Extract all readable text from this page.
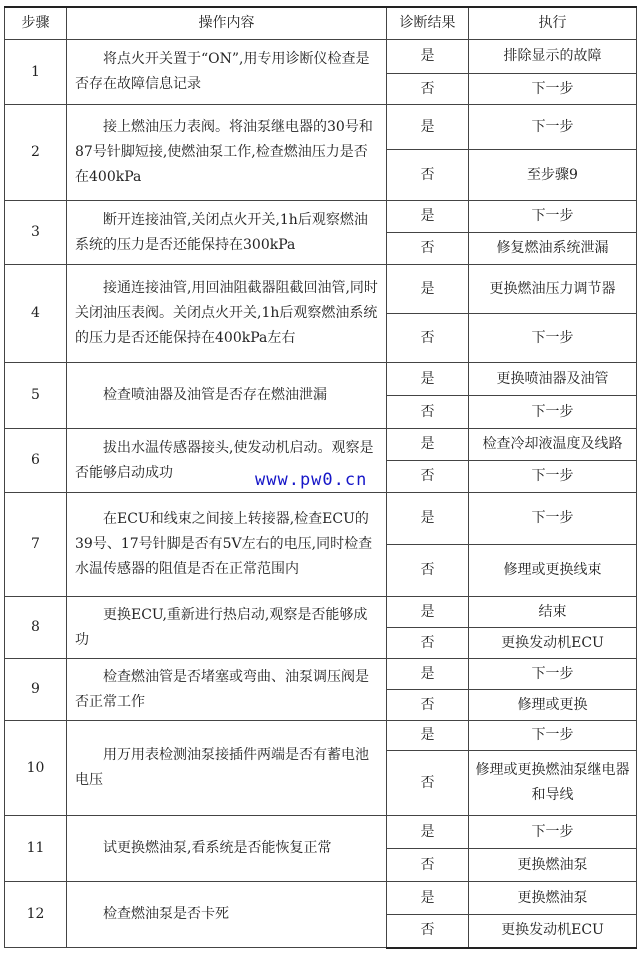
步骤	操作内容	诊断结果	执行
1	将点火开关置于“ON”,用专用诊断仪检查是否存在故障信息记录	是	排除显示的故障
		否	下一步
2	接上燃油压力表阀。将油泵继电器的30号和87号针脚短接,使燃油泵工作,检查燃油压力是否在400kPa	是	下一步
		否	至步骤9
3	断开连接油管,关闭点火开关,1h后观察燃油系统的压力是否还能保持在300kPa	是	下一步
		否	修复燃油系统泄漏
4	接通连接油管,用回油阻截器阻截回油管,同时关闭油压表阀。关闭点火开关,1h后观察燃油系统的压力是否还能保持在400kPa左右	是	更换燃油压力调节器
		否	下一步
5	检查喷油器及油管是否存在燃油泄漏	是	更换喷油器及油管
		否	下一步
6	拔出水温传感器接头,使发动机启动。观察是否能够启动成功	是	检查冷却液温度及线路
		否	下一步
7	在ECU和线束之间接上转接器,检查ECU的39号、17号针脚是否有5V左右的电压,同时检查水温传感器的阻值是否在正常范围内	是	下一步
		否	修理或更换线束
8	更换ECU,重新进行热启动,观察是否能够成功	是	结束
		否	更换发动机ECU
9	检查燃油管是否堵塞或弯曲、油泵调压阀是否正常工作	是	下一步
		否	修理或更换
10	用万用表检测油泵接插件两端是否有蓄电池电压	是	下一步
		否	修理或更换燃油泵继电器和导线
11	试更换燃油泵,看系统是否能恢复正常	是	下一步
		否	更换燃油泵
12	检查燃油泵是否卡死	是	更换燃油泵
		否	更换发动机ECU
www.pw0.cn
